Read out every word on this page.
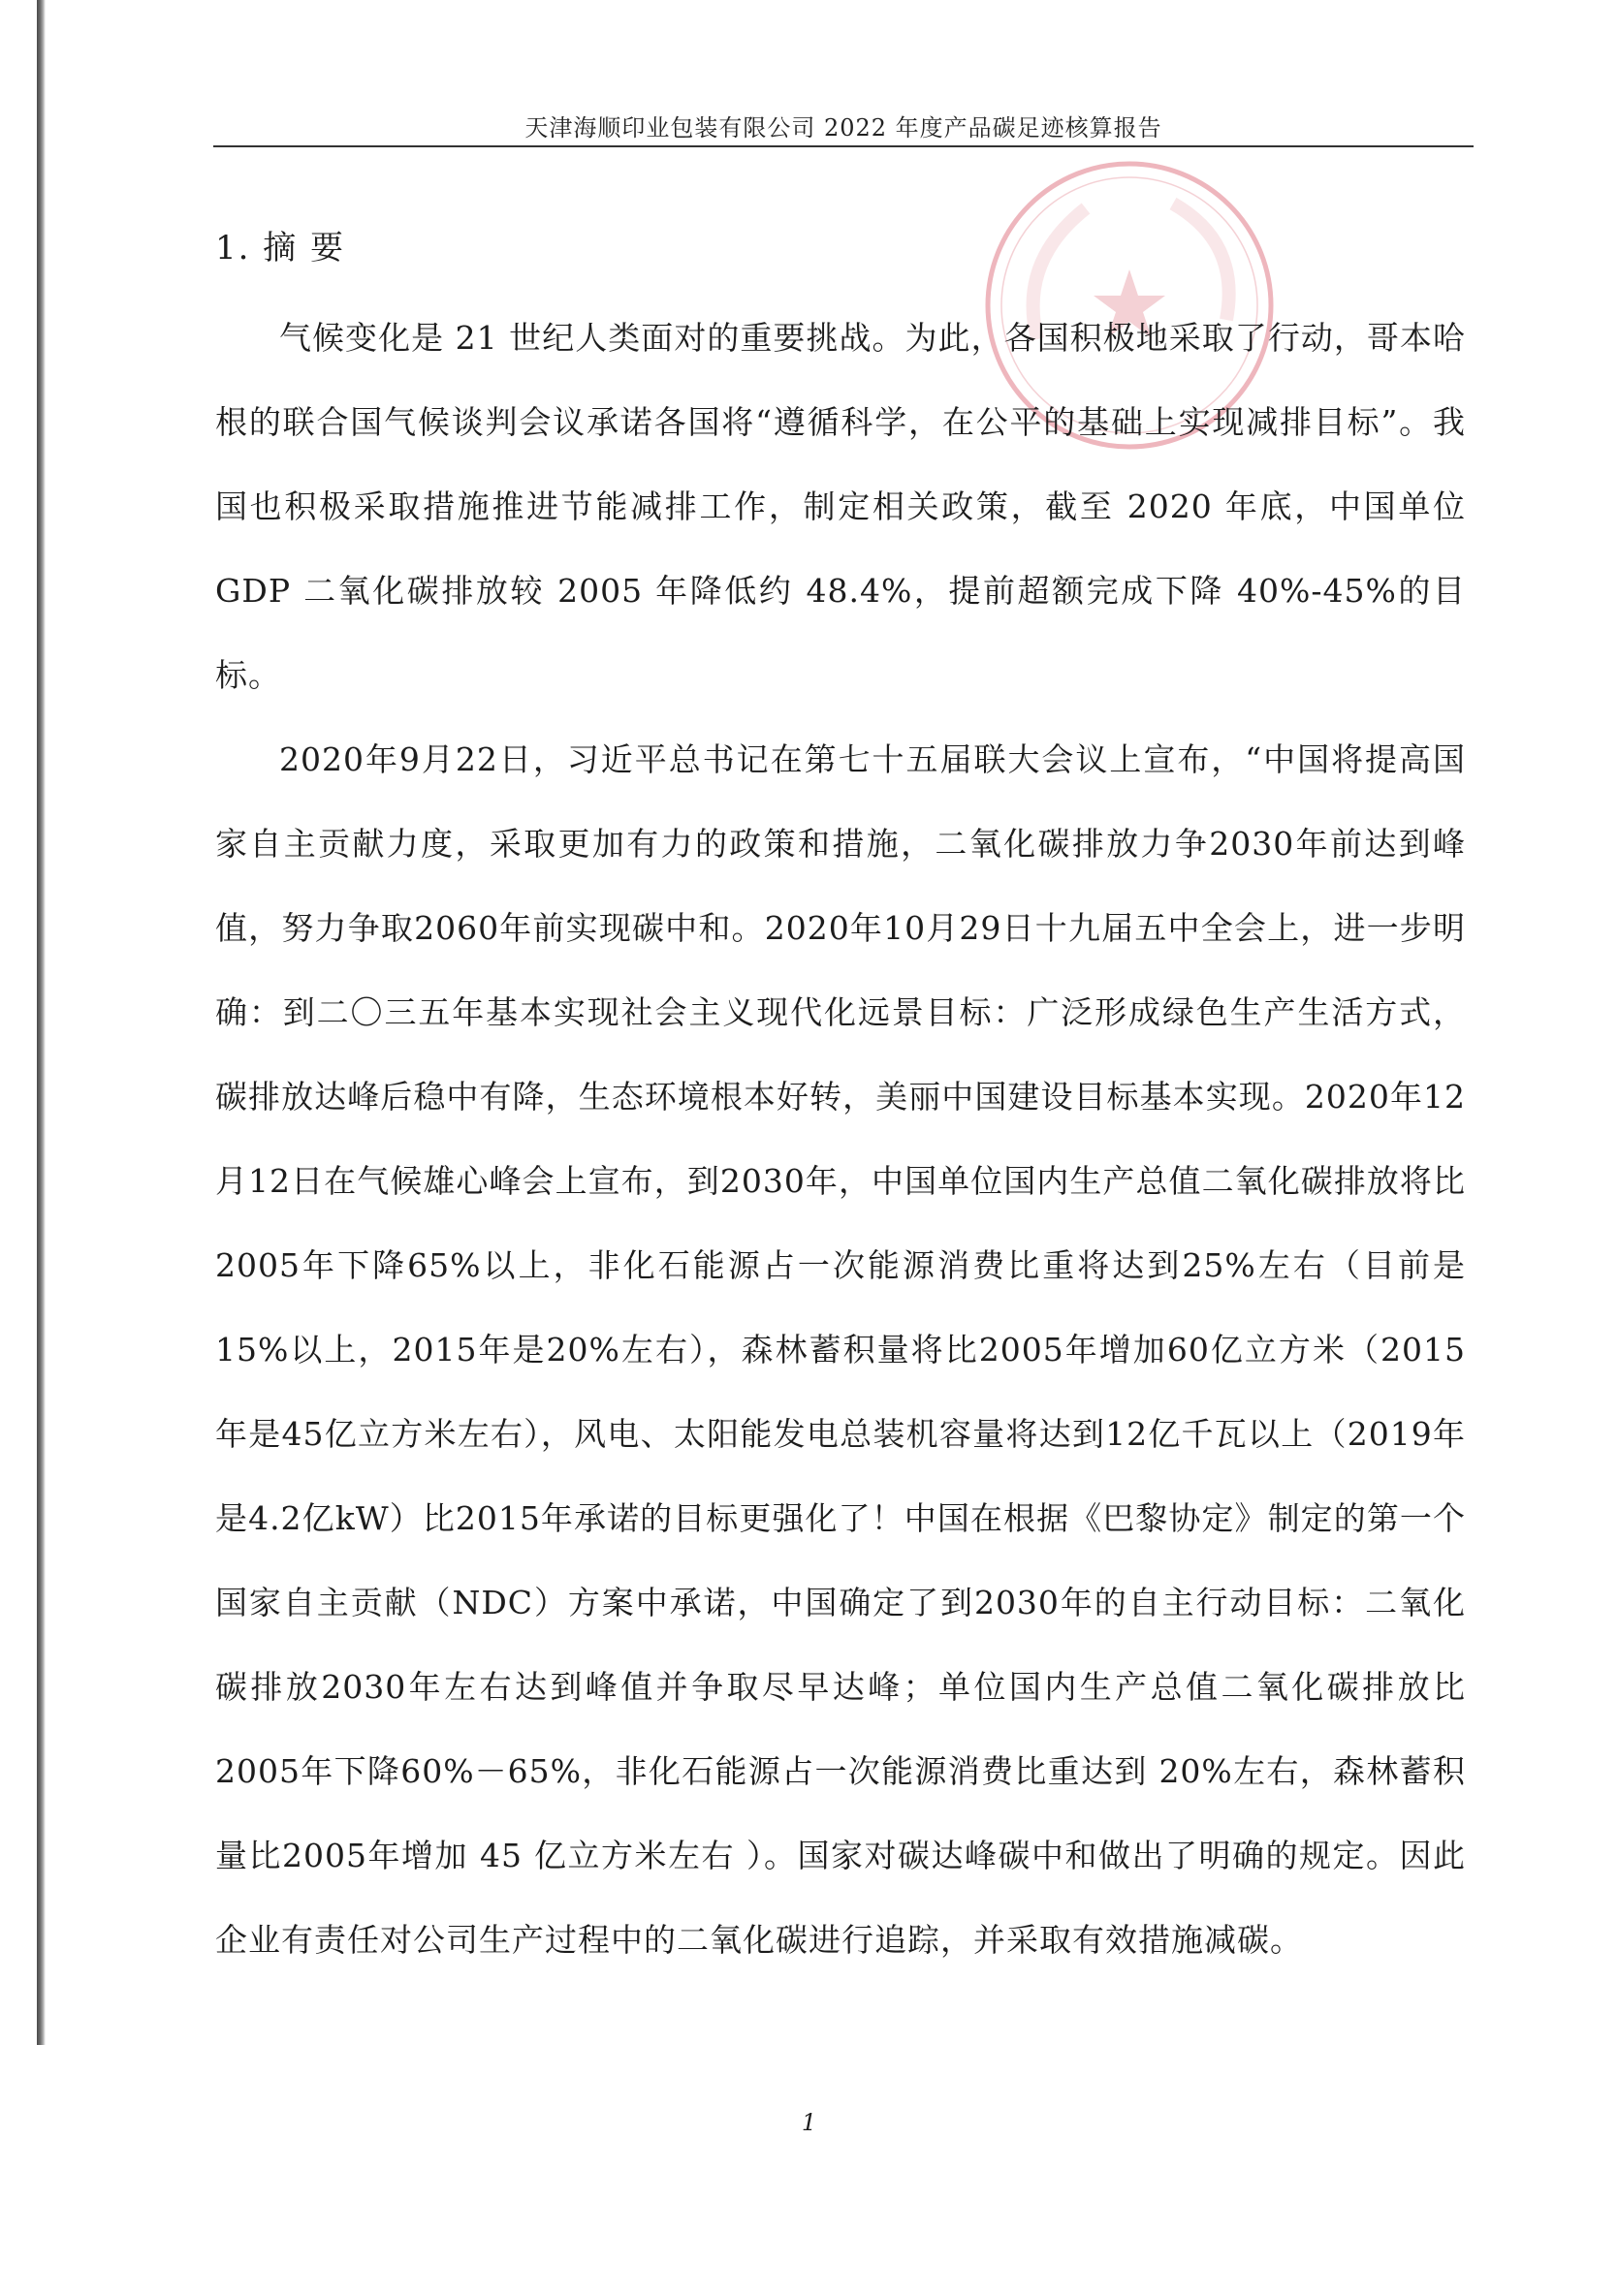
天津海顺印业包装有限公司 2022 年度产品碳足迹核算报告
1. 摘 要

气候变化是 21 世纪人类面对的重要挑战。为此，各国积极地采取了行动，哥本哈根的联合国气候谈判会议承诺各国将“遵循科学，在公平的基础上实现减排目标”。我国也积极采取措施推进节能减排工作，制定相关政策，截至 2020 年底，中国单位 GDP 二氧化碳排放较 2005 年降低约 48.4%，提前超额完成下降 40%-45%的目标。

2020年9月22日，习近平总书记在第七十五届联大会议上宣布，“中国将提高国家自主贡献力度，采取更加有力的政策和措施，二氧化碳排放力争2030年前达到峰值，努力争取2060年前实现碳中和。2020年10月29日十九届五中全会上，进一步明确：到二〇三五年基本实现社会主义现代化远景目标：广泛形成绿色生产生活方式，碳排放达峰后稳中有降，生态环境根本好转，美丽中国建设目标基本实现。2020年12月12日在气候雄心峰会上宣布，到2030年，中国单位国内生产总值二氧化碳排放将比2005年下降65%以上，非化石能源占一次能源消费比重将达到25%左右（目前是15%以上，2015年是20%左右），森林蓄积量将比2005年增加60亿立方米（2015年是45亿立方米左右），风电、太阳能发电总装机容量将达到12亿千瓦以上（2019年是4.2亿kW）比2015年承诺的目标更强化了！中国在根据《巴黎协定》制定的第一个国家自主贡献（NDC）方案中承诺，中国确定了到2030年的自主行动目标：二氧化碳排放2030年左右达到峰值并争取尽早达峰；单位国内生产总值二氧化碳排放比2005年下降60%－65%，非化石能源占一次能源消费比重达到 20%左右，森林蓄积量比2005年增加 45 亿立方米左右 ）。国家对碳达峰碳中和做出了明确的规定。因此企业有责任对公司生产过程中的二氧化碳进行追踪，并采取有效措施减碳。

1
